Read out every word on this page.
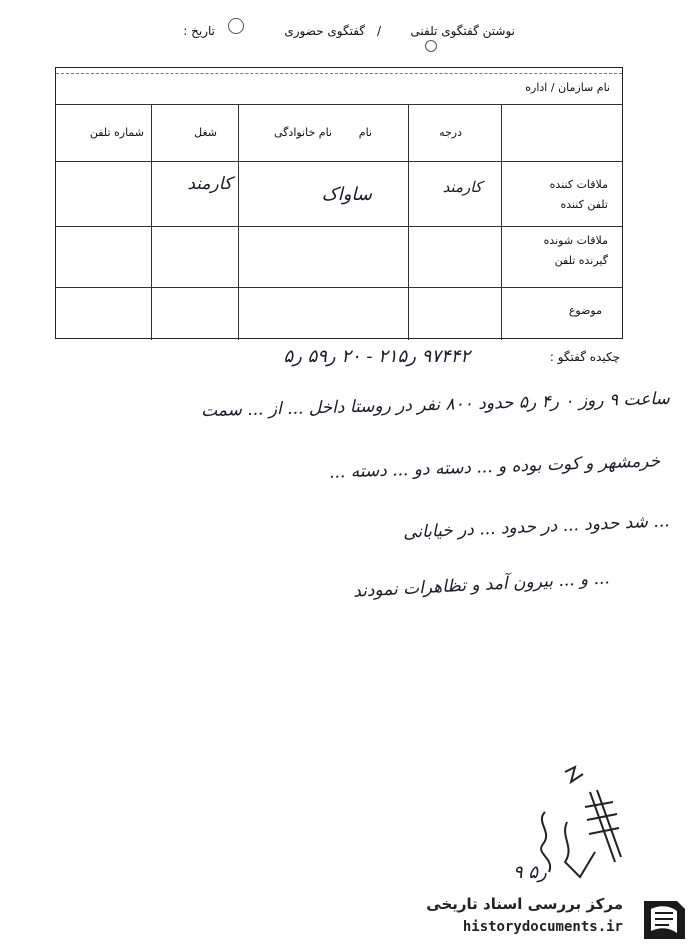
نوشتن گفتگوی تلفنی
/
گفتگوی حضوری
تاریخ :
نام سازمان / اداره
درجه
نام
نام خانوادگی
شغل
شماره تلفن
ملاقات کننده
تلفن کننده
کارمند
ساواک
کارمند
ملاقات شونده
گیرنده تلفن
موضوع
چکیده گفتگو :
۹۷۴۴۲ ر۲۱۵ - ۲۰ ر۵۹ ر۵
ساعت ۹ روز ۰ ر۴ ر۵ حدود ۸۰۰ نفر در روستا داخل ... از ... سمت
خرمشهر و کوت بوده و ... دسته دو ... دسته ...
... شد حدود ... در حدود ... در خیابانی
... و ... بیرون آمد و تظاهرات نمودند
۹ ر۵
مرکز بررسی اسناد تاریخی
historydocuments.ir
